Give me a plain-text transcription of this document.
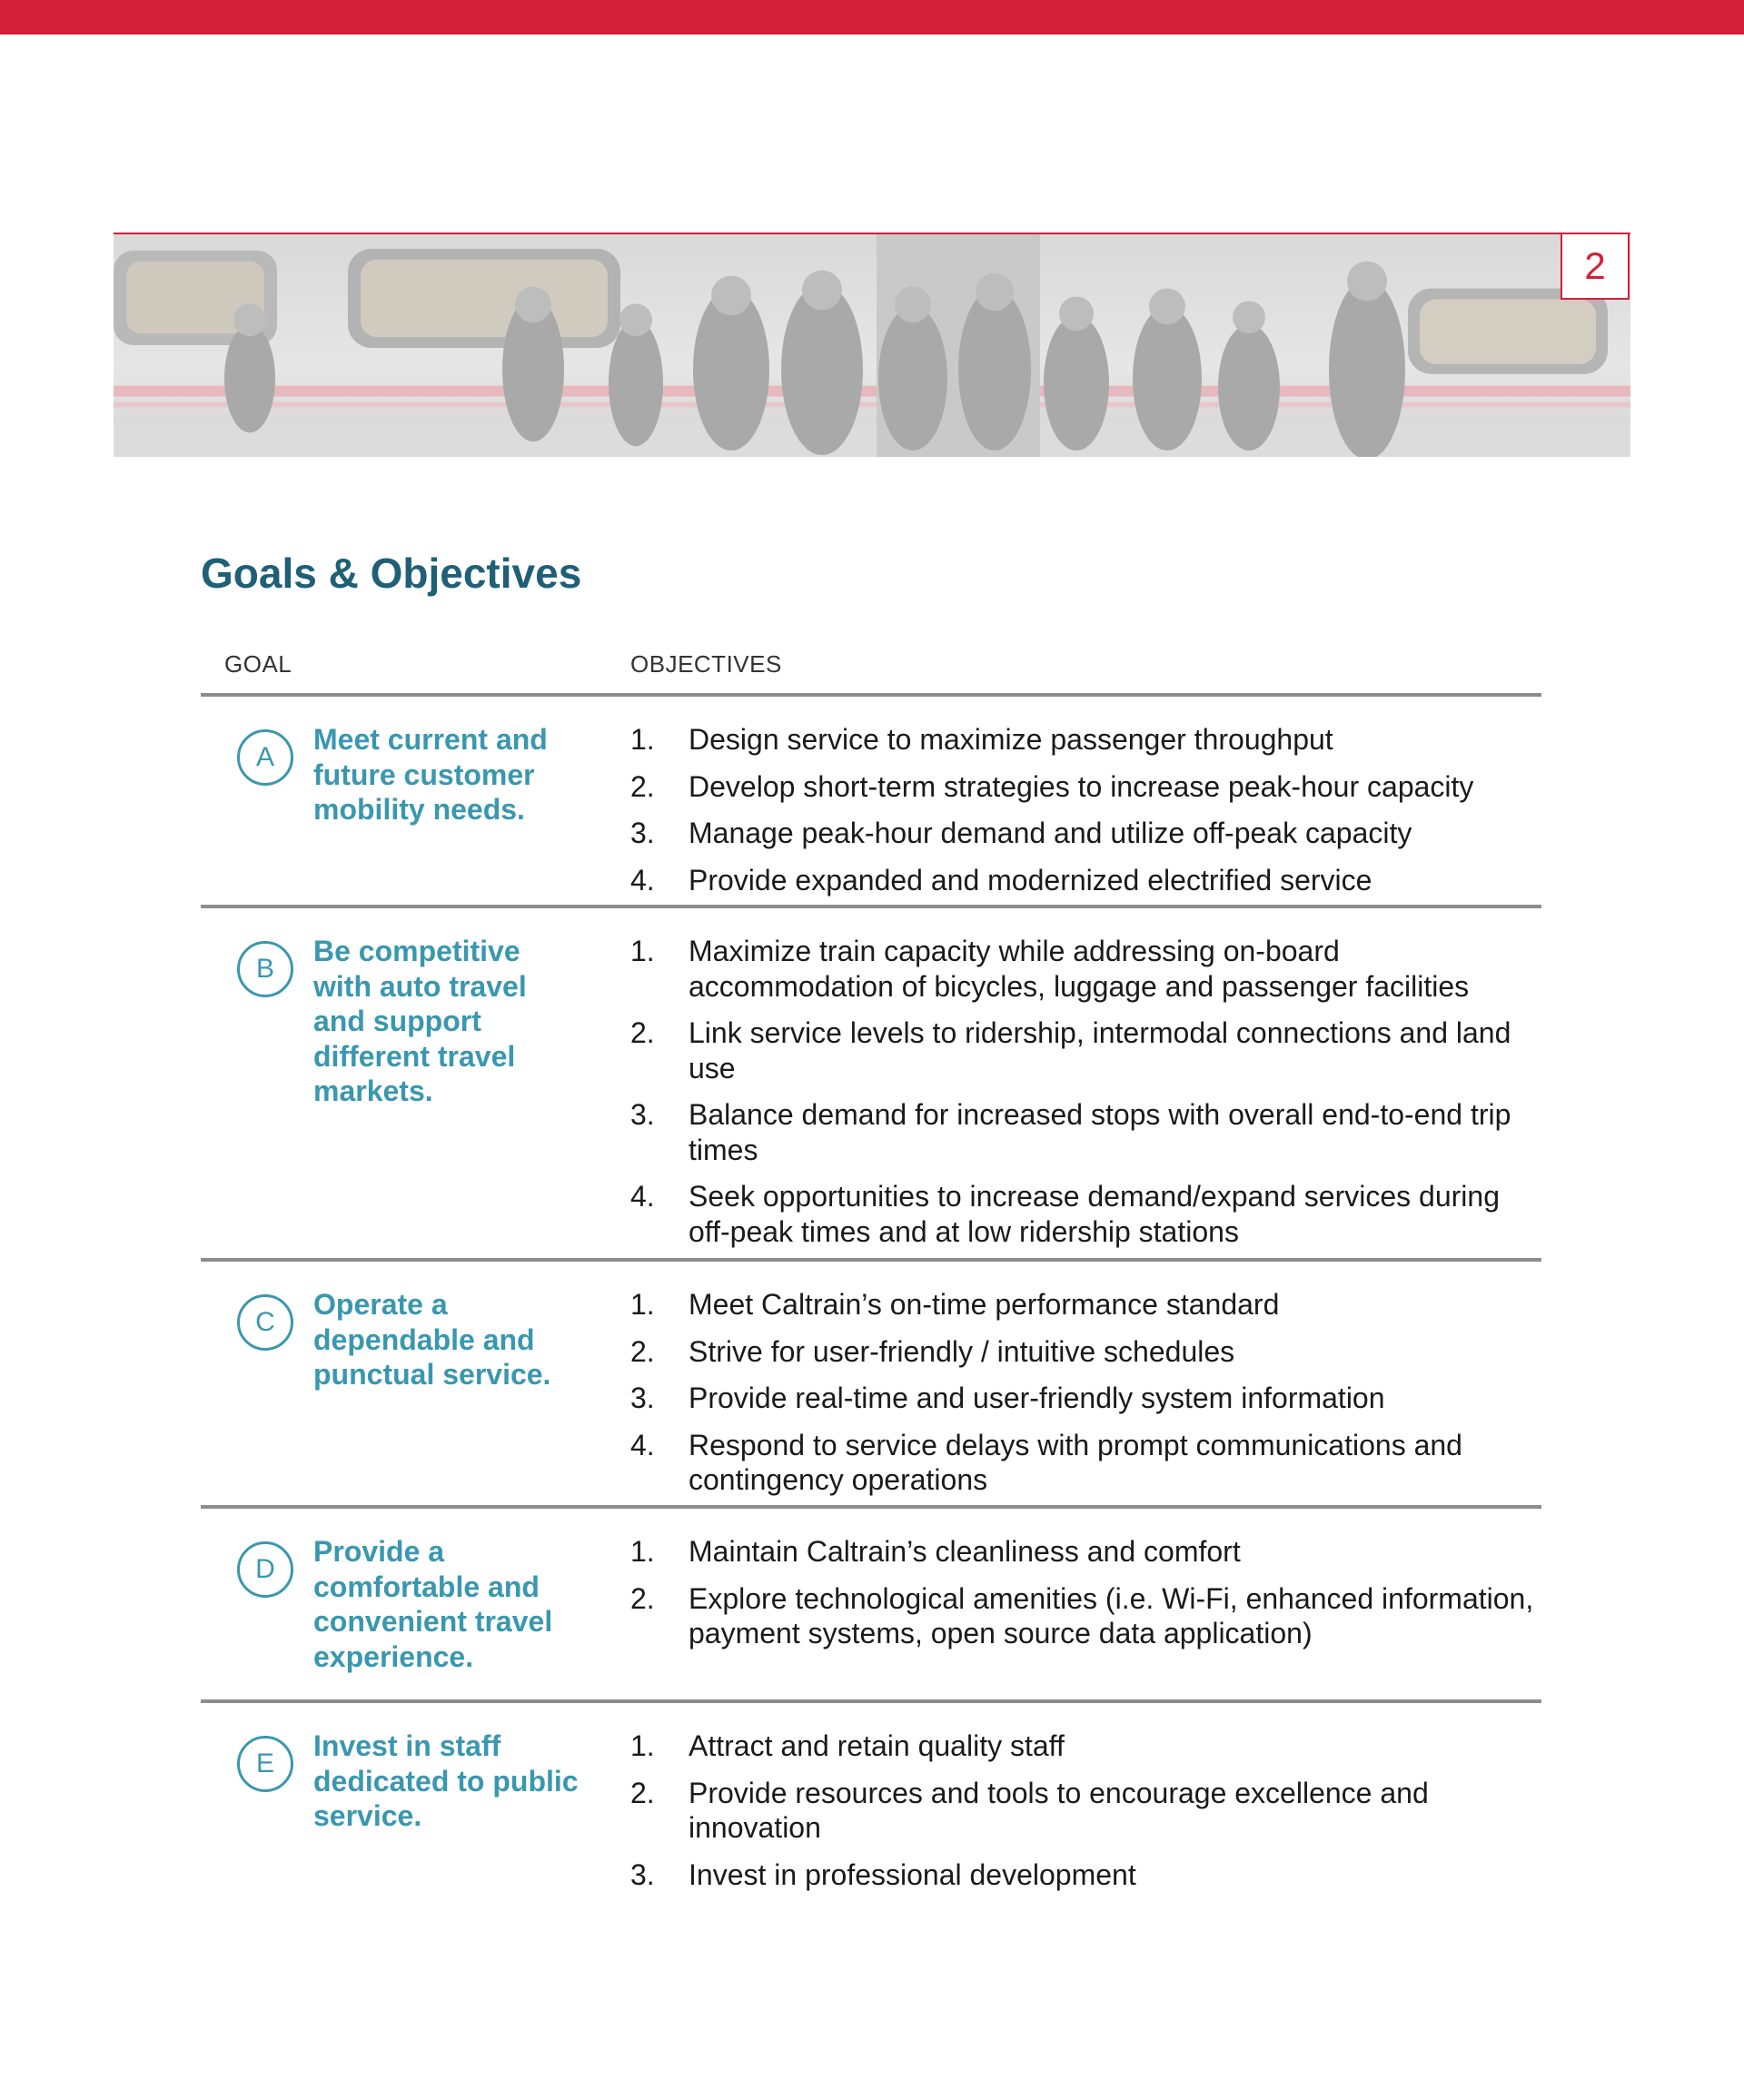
2
Goals & Objectives
GOAL	OBJECTIVES
A

Meet current and future customer mobility needs.

1. Design service to maximize passenger throughput
2. Develop short-term strategies to increase peak-hour capacity
3. Manage peak-hour demand and utilize off-peak capacity
4. Provide expanded and modernized electrified service
B

Be competitive with auto travel and support different travel markets.

1. Maximize train capacity while addressing on-board accommodation of bicycles, luggage and passenger facilities
2. Link service levels to ridership, intermodal connections and land use
3. Balance demand for increased stops with overall end-to-end trip times
4. Seek opportunities to increase demand/expand services during off-peak times and at low ridership stations
C

Operate a dependable and punctual service.

1. Meet Caltrain’s on-time performance standard
2. Strive for user-friendly / intuitive schedules
3. Provide real-time and user-friendly system information
4. Respond to service delays with prompt communications and contingency operations
D

Provide a comfortable and convenient travel experience.

1. Maintain Caltrain’s cleanliness and comfort
2. Explore technological amenities (i.e. Wi-Fi, enhanced information, payment systems, open source data application)
E

Invest in staff dedicated to public service.

1. Attract and retain quality staff
2. Provide resources and tools to encourage excellence and innovation
3. Invest in professional development
